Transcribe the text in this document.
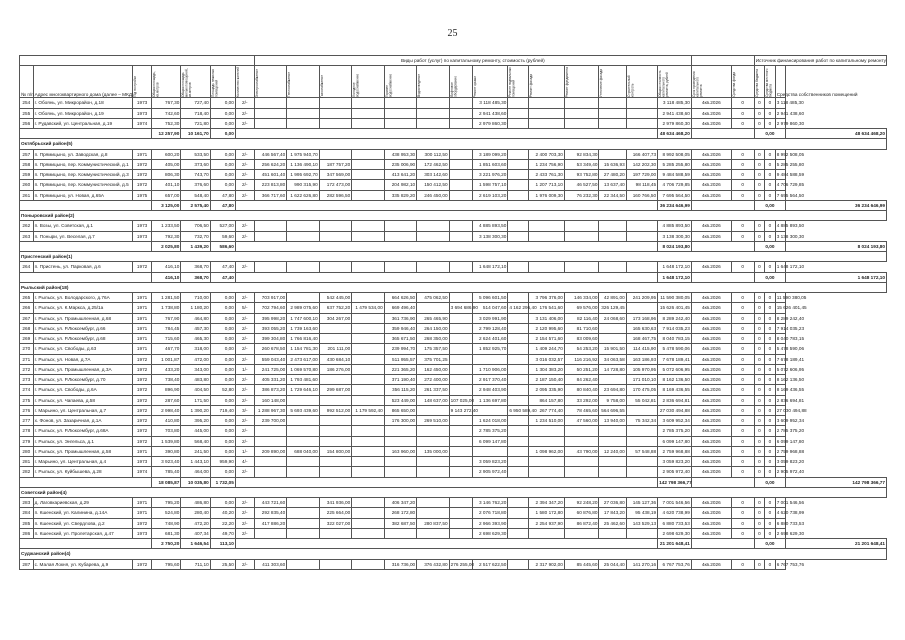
25
							Виды работ (услуг) по капитальному ремонту, стоимость (рублей)																Источник финансирования работ по капитальному ремонту			
№ п/п	Адрес многоквартирного дома (далее – МКД)	Год постройки	Общая площадь, кв.метров	Общая площадь жилых помещений, кв.метров	Площадь нежилых помещений	Количество жителей	Электроснабжение	Теплоснабжение	Газоснабжение	Холодное водоснабжение	Горячее водоснабжение	Водоотведение	Лифтовое оборудование	Ремонт крыши	Ремонт подвальных помещений	Ремонт фасада	Ремонт фундамента	Утепление фасада	Строительный контроль	Общая стоимость капитального ремонта, рублей	Срок проведения капитального ремонта	Средства фонда	Средства бюджета	Средства местного бюджета	Средства собственников помещений	
254	г. Обоянь, ул. Микрорайон, д.18	1973	767,30	727,40	0,00	2/-								3 118 485,30						3 118 485,30	4кв.2026	0	0	0	3 118 485,30	
255	г. Обоянь, ул. Микрорайон, д.19	1973	742,60	718,40	0,00	2/-								2 941 438,60						2 941 438,60	4кв.2026	0	0	0	2 941 438,60	
256	г. Рудавский, ул. Центральная, д.19	1974	752,30	721,80	0,00	2/-								2 979 860,30						2 979 860,30	4кв.2026	0	0	0	2 979 860,30	
			12 257,90	10 161,70	0,00															48 634 468,20			0,00			48 634 468,20
Октябрьский район(5)																										
257	п. Прямицыно, ул. Заводская, д.8	1971	600,20	533,50	0,00	2/-	446 567,40	1 975 940,70			438 953,30	300 112,50		3 189 099,20		2 400 703,30	92 834,30		166 407,73	8 992 508,05	4кв.2026	0	0	0	8 992 508,05	
258	п. Прямицыно, пер. Коммунистический, д.1	1972	405,00	373,60	0,00	2/-	256 624,20	1 136 490,10	187 757,20		235 006,90	172 462,50		1 851 603,60		1 234 756,90	53 349,40	15 636,93	142 202,30	5 285 255,80	4кв.2026	0	0	0	5 285 255,80	
259	п. Прямицыно, пер. Коммунистический, д.3	1972	806,30	743,70	0,00	2/-	451 601,40	1 995 692,70	347 569,00		413 641,20	303 142,60		3 221 976,20		2 433 761,30	93 752,80	27 480,20	197 729,00	9 484 588,59	4кв.2026	0	0	0	9 484 588,59	
260	п. Прямицыно, пер. Коммунистический, д.5	1972	401,10	376,60	0,00	2/-	223 813,80	990 315,90	172 473,00		204 982,10	150 412,50		1 598 757,10		1 207 713,10	46 527,50	13 637,40	98 118,45	4 706 729,85	4кв.2026	0	0	0	4 706 729,85	
261	п. Прямицыно, ул. Новая, д.65А	1975	657,00	548,40	47,80	2/-	366 717,60	1 622 626,80	282 596,50		335 829,20	246 450,00		2 619 103,20		1 976 009,30	76 232,30	22 344,50	160 766,50	7 695 564,50	4кв.2026	0	0	0	7 695 564,50	
			3 125,00	2 575,40	47,80															36 234 646,99			0,00			36 234 646,99
Поныровский район(2)																										
262	п. Возы, ул. Советская, д.1	1973	1 233,50	706,50	527,00	2/-								4 885 893,50						4 885 893,50	4кв.2026	0	0	0	4 885 893,50	
263	п. Поныри, ул. Веселая, д.7	1973	792,30	732,70	59,60	2/-								3 138 300,30						3 138 300,30	4кв.2026	0	0	0	3 138 300,30	
			2 025,80	1 439,20	586,60															8 024 193,80			0,00			8 024 193,80
Пристенский район(1)																										
264	п. Пристень, ул. Парковая, д.6	1972	416,10	368,70	47,40	2/-								1 648 172,10						1 648 172,10	4кв.2026	0	0	0	1 648 172,10	
			416,10	368,70	47,40															1 648 172,10			0,00			1 648 172,10
Рыльский район(18)																										
265	г. Рыльск, ул. Володарского, д.76А	1971	1 281,50	710,00	0,00	2/-	703 917,00		542 445,00		664 626,50	475 062,50		5 096 601,50		3 796 376,00	146 334,00	42 891,00	241 209,95	11 590 380,05	4кв.2026	0	0	0	11 590 380,05	
266	г. Рыльск, ул. К.Маркса, д.25/1а	1971	1 738,80	1 180,20	0,00	5/-	702 794,60	2 989 075,60	637 752,20	1 479 534,00	669 496,40		3 694 686,90	514 047,60	4 162 296,40	176 541,60	69 576,00	326 129,45		15 626 401,45	4кв.2026	0	0	0	15 626 401,45	
267	г. Рыльск, ул. Промышленная, д.68	1971	767,90	464,80	0,00	2/-	395 998,20	1 747 600,10	304 267,00		361 736,90	265 465,90		3 029 991,90		3 131 406,00	82 116,40	24 068,60	173 168,96	8 289 242,40	4кв.2026	0	0	0	8 289 242,40	
268	г. Рыльск, ул. Р.Люксембург, д.66	1971	784,45	457,30	0,00	2/-	393 055,20	1 739 163,60			359 946,40	264 150,00		2 799 128,40		2 120 995,60	81 710,60		165 630,63	7 914 035,23	4кв.2026	0	0	0	7 914 035,23	
269	г. Рыльск, ул. Р.Люксембург, д.68	1971	715,60	465,30	0,00	2/-	399 304,80	1 766 816,40			365 671,50	268 350,00		2 624 401,60		2 154 571,60	83 009,60		168 467,75	8 040 783,15	4кв.2026	0	0	0	8 040 783,15	
270	г. Рыльск, ул. Свободы, д.63	1971	467,70	318,00	0,00	2/-	260 678,50	1 154 781,30	201 111,00		239 994,70	175 357,50		1 852 925,70		1 409 244,70	54 253,20	15 901,50	114 415,90	5 478 590,06	4кв.2026	0	0	0	5 478 590,06	
271	г. Рыльск, ул. Новая, д.7А	1972	1 001,87	472,00	0,00	2/-	559 043,40	2 473 617,00	430 684,10		511 955,57	375 701,25				3 016 032,57	116 216,92	34 063,58	163 186,93	7 678 189,41	4кв.2026	0	0	0	7 678 189,41	
272	г. Рыльск, ул. Промышленная, д.3А	1972	433,20	343,00	0,00	1/-	241 725,00	1 069 570,80	186 276,00		221 365,20	162 450,00		1 710 906,00		1 304 383,20	50 251,20	14 728,80	105 970,95	5 072 606,95	4кв.2026	0	0	0	5 072 606,95	
273	г. Рыльск, ул. Р.Люксембург, д.70	1972	738,40	483,80	0,00	2/-	405 331,20	1 793 481,60			371 190,40	272 400,00		2 917 370,40		2 187 150,40	84 262,40		171 010,10	8 162 136,50	4кв.2026	0	0	0	8 162 136,50	
274	г. Рыльск, ул. Свободы, д.6А	1972	896,90	404,50	52,80	2/-	386 873,20	1 729 646,10	299 687,00		356 115,20	261 337,50		2 948 403,90		2 095 335,90	80 840,40	23 694,80	170 475,05	8 169 436,55	4кв.2026	0	0	0	8 169 436,55	
275	г. Рыльск, ул. Чапаева, д.58	1972	287,60	171,50	0,00	2/-	160 148,00				523 449,00	148 637,00	107 025,00	1 136 697,80		864 157,80	33 292,00	9 758,00	55 042,81	2 836 694,81	4кв.2026	0	0	0	2 836 694,81	
276	г. Марьино, ул. Центральная, д.7	1972	2 998,40	1 390,20	719,40	3/-	1 288 967,30	5 693 439,60	992 512,00	1 179 592,40	865 650,00		9 143 272,40		6 950 589,40	267 774,40	78 465,60	564 696,55		27 030 494,88	4кв.2026	0	0	0	27 030 494,88	
277	х. Фонов, ул. Зазаричная, д.1А	1972	410,80	395,20	0,00	2/-	239 700,00				176 300,00	269 510,00		1 624 018,00		1 234 510,00	47 560,00	13 940,00	75 342,34	3 609 952,34	4кв.2026	0	0	0	3 609 952,34	
278	г. Рыльск, ул. Р.Люксембург, д.68А	1972	703,80	445,00	0,00	2/-								2 785 375,20						2 785 375,20	4кв.2026	0	0	0	2 785 375,20	
279	г. Рыльск, ул. Энгельса, д.1	1972	1 539,80	568,40	0,00	2/-								6 099 147,80						6 099 147,80	4кв.2026	0	0	0	6 099 147,80	
280	г. Рыльск, ул. Промышленная, д.58	1971	390,80	241,50	0,00	1/-	209 890,00	688 040,00	154 800,00		163 960,00	135 000,00				1 098 962,00	43 790,00	12 240,00	57 548,88	2 759 968,88	4кв.2026	0	0	0	2 759 968,88	
281	г. Марьино, ул. Центральная, д.4	1973	3 923,40	1 443,10	959,90	4/-								3 059 823,20						3 059 823,20	4кв.2026	0	0	0	3 059 823,20	
282	г. Рыльск, ул. Куйбышева, д.28	1974	785,40	464,00	0,00	2/-								2 905 972,40						2 905 972,40	4кв.2026	0	0	0	2 905 972,40	
			18 085,87	10 035,80	1 732,05															142 798 366,77			0,00			142 798 366,77
Советский район(4)																										
283	д. Лаговкариевская, д.29	1971	795,20	486,80	0,00	2/-	443 721,60		341 936,00		406 347,20			3 146 762,20		2 394 347,20	92 248,20	27 036,80	145 127,36	7 001 546,56	4кв.2026	0	0	0	7 001 546,56	
284	п. Кшенский, ул. Калинина, д.14А	1971	524,80	280,40	40,20	2/-	292 835,40		225 664,00		268 172,80			2 076 718,80		1 580 172,80	60 876,80	17 843,20	95 438,19	4 620 738,99	4кв.2026	0	0	0	4 620 738,99	
285	п. Кшенский, ул. Свердлова, д.2	1972	748,90	472,20	22,20	2/-	417 886,20		322 027,00		382 687,50	280 837,50		2 966 393,90		2 254 937,90	86 872,40	25 462,60	143 529,13	6 880 733,53	4кв.2026	0	0	0	6 880 733,53	
286	п. Кшенский, ул. Пролетарская, д.47	1973	681,30	407,34	49,70	2/-								2 698 629,30						2 698 629,30	4кв.2026	0	0	0	2 698 629,30	
			2 750,20	1 646,54	113,10															21 201 648,41			0,00			21 201 648,41
Суджанский район(4)																										
287	с. Малая Локня, ул. Кубарева, д.9	1972	795,60	711,10	25,50	2/-	411 303,60				316 736,00	376 432,80	276 255,00	2 517 622,50		2 317 902,00	85 445,60	25 044,40	141 270,16	6 767 753,76	4кв.2026	0	0	0	6 767 753,76	
